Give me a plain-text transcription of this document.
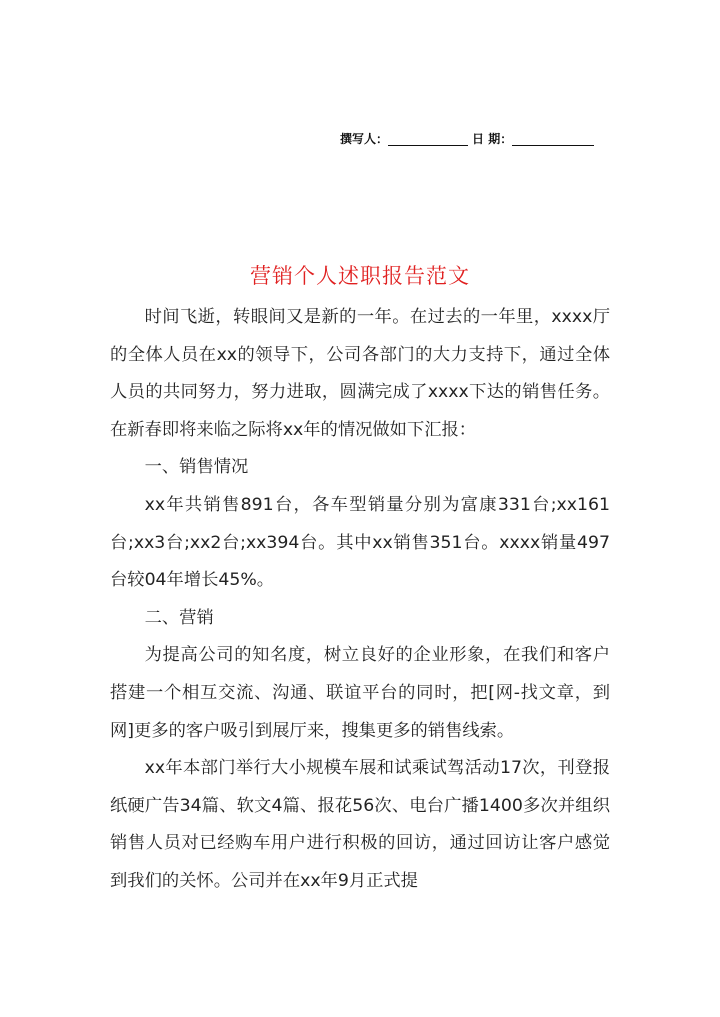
撰写人：	日 期：
营销个人述职报告范文

时间飞逝，转眼间又是新的一年。在过去的一年里，xxxx厅的全体人员在xx的领导下，公司各部门的大力支持下，通过全体人员的共同努力，努力进取，圆满完成了xxxx下达的销售任务。在新春即将来临之际将xx年的情况做如下汇报：

一、销售情况

xx年共销售891台，各车型销量分别为富康331台;xx161台;xx3台;xx2台;xx394台。其中xx销售351台。xxxx销量497台较04年增长45%。

二、营销

为提高公司的知名度，树立良好的企业形象，在我们和客户搭建一个相互交流、沟通、联谊平台的同时，把[网-找文章，到网]更多的客户吸引到展厅来，搜集更多的销售线索。

xx年本部门举行大小规模车展和试乘试驾活动17次，刊登报纸硬广告34篇、软文4篇、报花56次、电台广播1400多次并组织销售人员对已经购车用户进行积极的回访，通过回访让客户感觉到我们的关怀。公司并在xx年9月正式提
